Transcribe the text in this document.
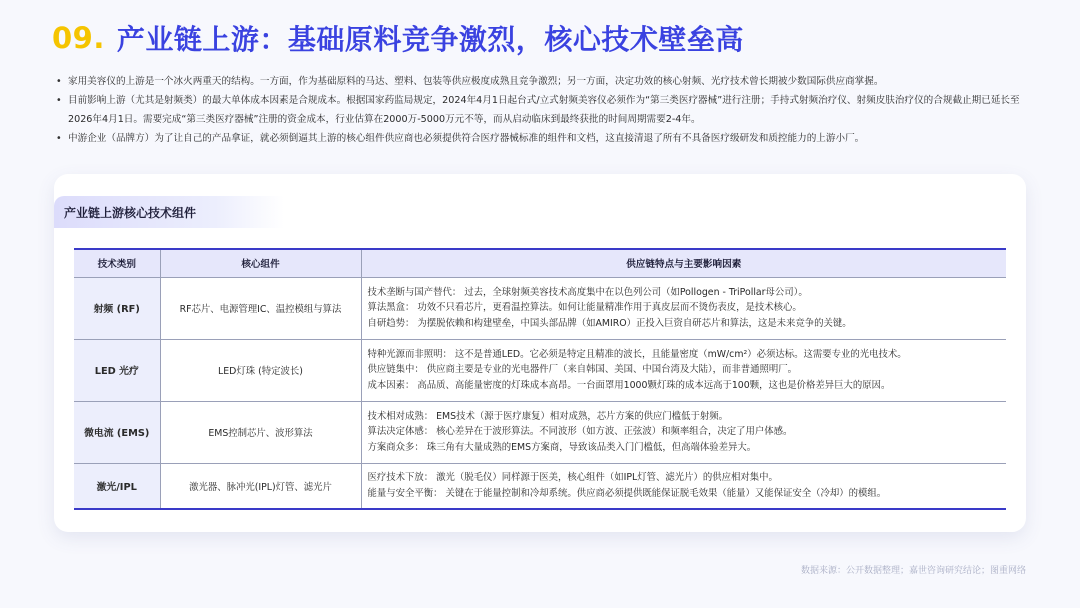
09. 产业链上游：基础原料竞争激烈，核心技术壁垒高
• 家用美容仪的上游是一个冰火两重天的结构。一方面，作为基础原料的马达、塑料、包装等供应极度成熟且竞争激烈；另一方面，决定功效的核心射频、光疗技术曾长期被少数国际供应商掌握。
• 目前影响上游（尤其是射频类）的最大单体成本因素是合规成本。根据国家药监局规定，2024年4月1日起台式/立式射频美容仪必须作为“第三类医疗器械”进行注册；手持式射频治疗仪、射频皮肤治疗仪的合规截止期已延长至2026年4月1日。需要完成“第三类医疗器械”注册的资金成本，行业估算在2000万-5000万元不等，而从启动临床到最终获批的时间周期需要2-4年。
• 中游企业（品牌方）为了让自己的产品拿证，就必须倒逼其上游的核心组件供应商也必须提供符合医疗器械标准的组件和文档，这直接清退了所有不具备医疗级研发和质控能力的上游小厂。
产业链上游核心技术组件
技术类别	核心组件	供应链特点与主要影响因素
射频 (RF)	RF芯片、电源管理IC、温控模组与算法	技术垄断与国产替代： 过去，全球射频美容技术高度集中在以色列公司（如Pollogen - TriPollar母公司）。
算法黑盒： 功效不只看芯片，更看温控算法。如何让能量精准作用于真皮层而不烫伤表皮，是技术核心。
自研趋势： 为摆脱依赖和构建壁垒，中国头部品牌（如AMIRO）正投入巨资自研芯片和算法，这是未来竞争的关键。

LED 光疗	LED灯珠 (特定波长)	特种光源而非照明： 这不是普通LED。它必须是特定且精准的波长，且能量密度（mW/cm²）必须达标。这需要专业的光电技术。
供应链集中： 供应商主要是专业的光电器件厂（来自韩国、美国、中国台湾及大陆），而非普通照明厂。
成本因素： 高品质、高能量密度的灯珠成本高昂。一台面罩用1000颗灯珠的成本远高于100颗，这也是价格差异巨大的原因。

微电流 (EMS)	EMS控制芯片、波形算法	技术相对成熟： EMS技术（源于医疗康复）相对成熟，芯片方案的供应门槛低于射频。
算法决定体感： 核心差异在于波形算法。不同波形（如方波、正弦波）和频率组合，决定了用户体感。
方案商众多： 珠三角有大量成熟的EMS方案商，导致该品类入门门槛低，但高端体验差异大。

激光/IPL	激光器、脉冲光(IPL)灯管、滤光片	医疗技术下放： 激光（脱毛仪）同样源于医美，核心组件（如IPL灯管、滤光片）的供应相对集中。
能量与安全平衡： 关键在于能量控制和冷却系统。供应商必须提供既能保证脱毛效果（能量）又能保证安全（冷却）的模组。
数据来源：公开数据整理；嘉世咨询研究结论；图重网络
